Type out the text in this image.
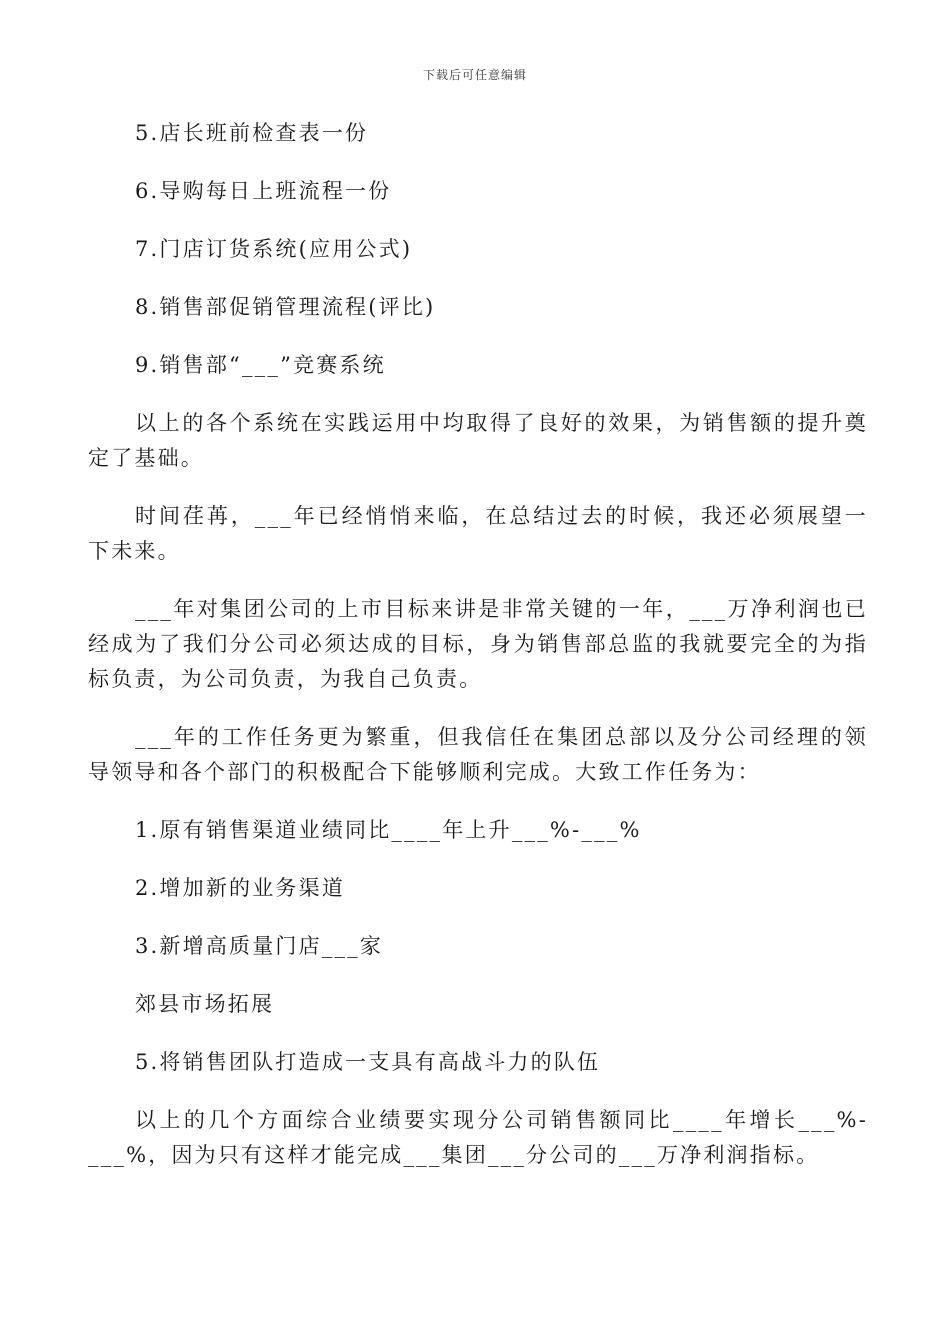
下载后可任意编辑
5.店长班前检查表一份
6.导购每日上班流程一份
7.门店订货系统(应用公式)
8.销售部促销管理流程(评比)
9.销售部“___”竞赛系统
以上的各个系统在实践运用中均取得了良好的效果，为销售额的提升奠定了基础。
时间荏苒，___年已经悄悄来临，在总结过去的时候，我还必须展望一下未来。
___年对集团公司的上市目标来讲是非常关键的一年，___万净利润也已经成为了我们分公司必须达成的目标，身为销售部总监的我就要完全的为指标负责，为公司负责，为我自己负责。
___年的工作任务更为繁重，但我信任在集团总部以及分公司经理的领导领导和各个部门的积极配合下能够顺利完成。大致工作任务为：
1.原有销售渠道业绩同比____年上升___%-___%
2.增加新的业务渠道
3.新增高质量门店___家
郊县市场拓展
5.将销售团队打造成一支具有高战斗力的队伍
以上的几个方面综合业绩要实现分公司销售额同比____年增长___%-___%，因为只有这样才能完成___集团___分公司的___万净利润指标。
